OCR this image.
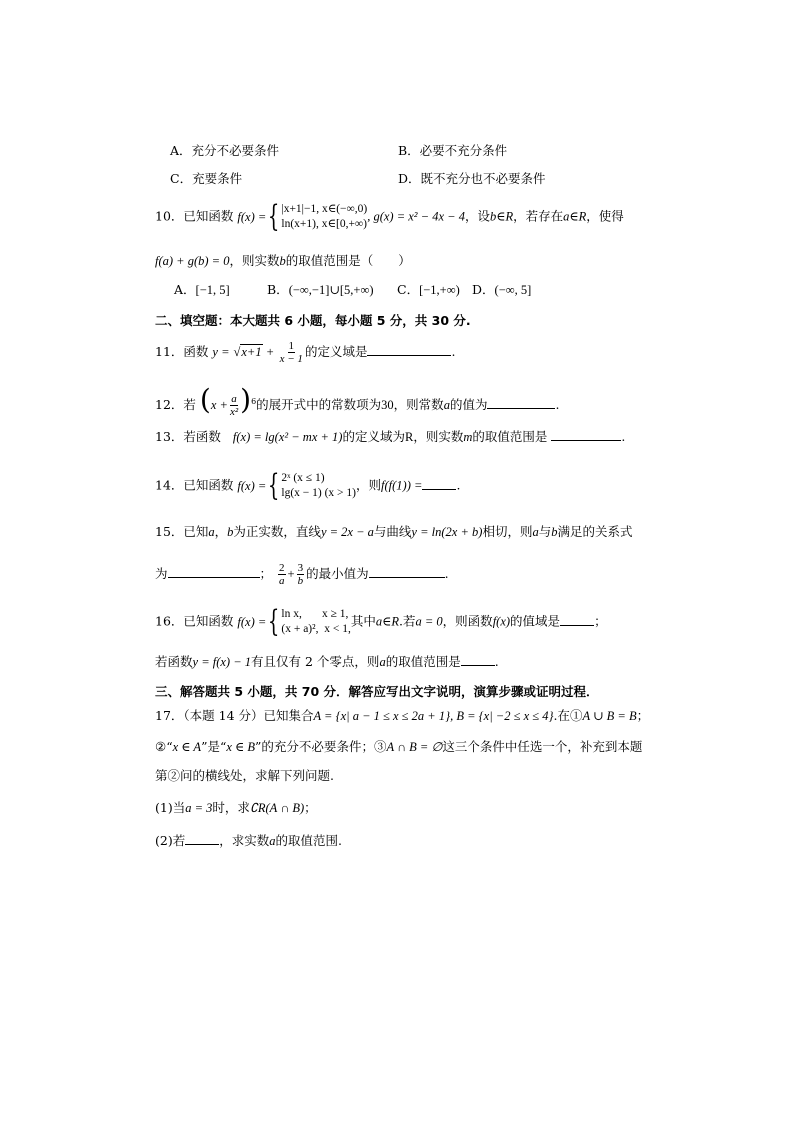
A．充分不必要条件	B．必要不充分条件
C．充要条件	D．既不充分也不必要条件
10．已知函数 f(x) = { |x+1|−1, x∈(−∞,0)
ln(x+1), x∈[0,+∞)
, g(x) = x² − 4x − 4，设b∈R，若存在a∈R，使得
f(a) + g(b) = 0，则实数b的取值范围是（　　）
A．[−1, 5]	B．(−∞,−1]∪[5,+∞) C．[−1,+∞) D．(−∞, 5]
二、填空题：本大题共 6 小题，每小题 5 分，共 30 分.
11．函数 $y = √x+1 + \frac{1}{x - 1}$ 的定义域是	.
12．若 $(x + \frac{a}{\text{x²}} )^6$的展开式中的常数项为30，则常数a的值为	.
13．若函数 f(x) = lg(x² − mx + 1)的定义域为R，则实数m的取值范围是	.
14．已知函数 f(x) = { 2ˣ (x ≤ 1)
lg(x − 1) (x > 1)
，则f(f(1)) =	.
15．已知a，b为正实数，直线y = 2x − a与曲线y = ln(2x + b)相切，则a与b满足的关系式
为	； $\frac{2}{a} + \frac{3}{b}$ 的最小值为	.
16．已知函数 f(x) = { ln x, x ≥ 1,
(x + a)², x < 1,
其中a∈R.若a = 0，则函数f(x)的值域是	；
若函数y = f(x) − 1有且仅有 2 个零点，则a的取值范围是	.
三、解答题共 5 小题，共 70 分．解答应写出文字说明，演算步骤或证明过程．
17．（本题 14 分）已知集合A = {x| a − 1 ≤ x ≤ 2a + 1}, B = {x| −2 ≤ x ≤ 4}.在①A ∪ B = B；
②“x ∈ A”是“x ∈ B”的充分不必要条件；③A ∩ B = ∅这三个条件中任选一个，补充到本题
第②问的横线处，求解下列问题.
(1)当a = 3时，求∁R(A ∩ B)；
(2)若	，求实数a的取值范围.
